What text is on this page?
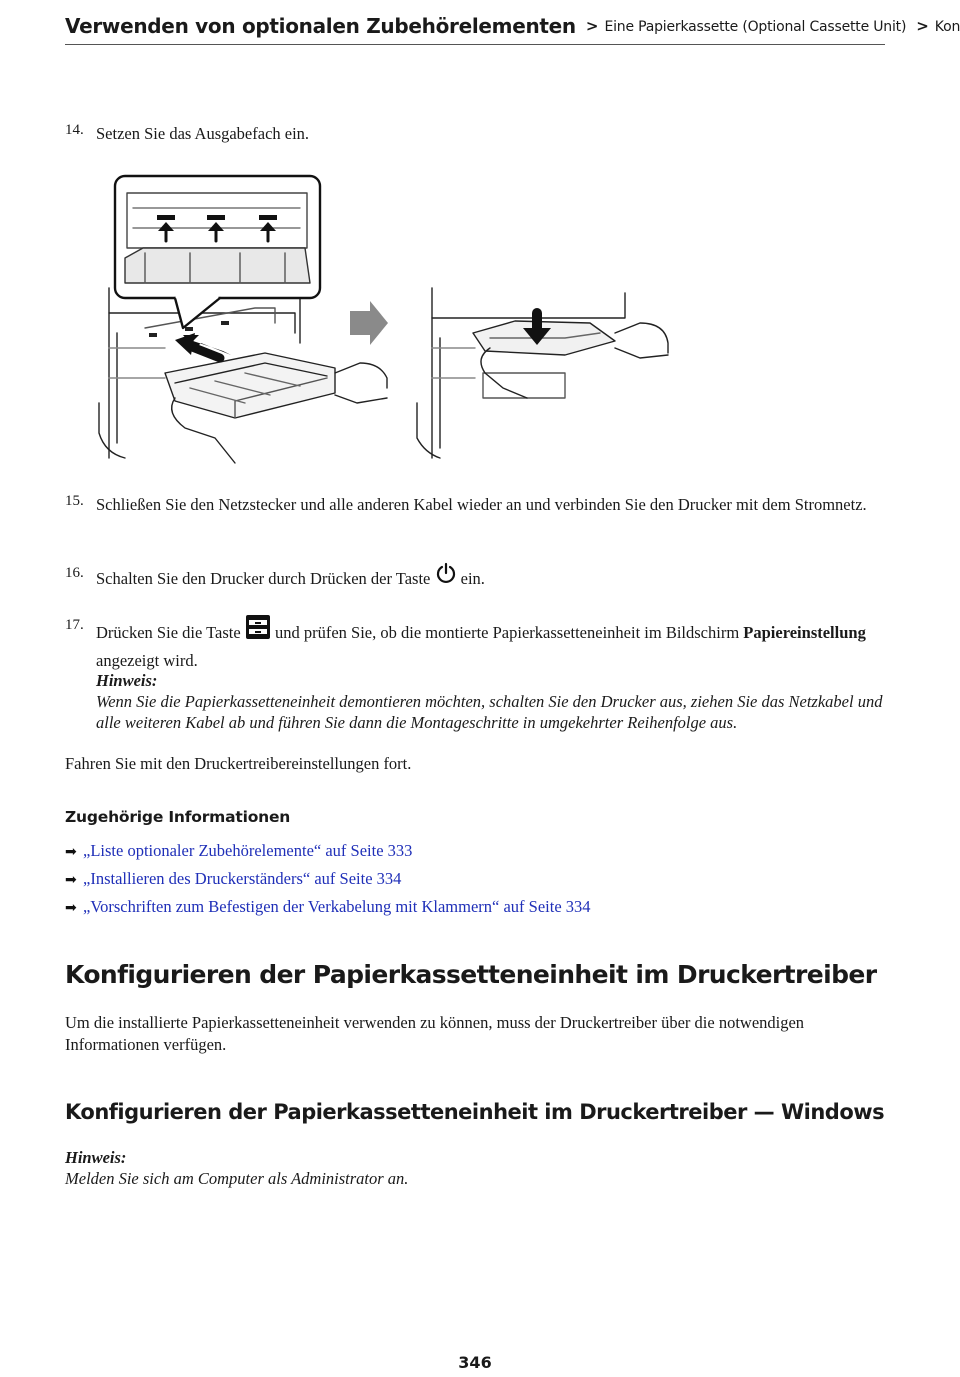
Verwenden von optionalen Zubehörelementen > Eine Papierkassette (Optional Cassette Unit) > Kon
14. Setzen Sie das Ausgabefach ein.
15. Schließen Sie den Netzstecker und alle anderen Kabel wieder an und verbinden Sie den Drucker mit dem Stromnetz.
16. Schalten Sie den Drucker durch Drücken der Taste ein.
17. Drücken Sie die Taste und prüfen Sie, ob die montierte Papierkassetteneinheit im Bildschirm Papiereinstellung angezeigt wird.
Hinweis:
Wenn Sie die Papierkassetteneinheit demontieren möchten, schalten Sie den Drucker aus, ziehen Sie das Netzkabel und alle weiteren Kabel ab und führen Sie dann die Montageschritte in umgekehrter Reihenfolge aus.
Fahren Sie mit den Druckertreibereinstellungen fort.
Zugehörige Informationen
➡ „Liste optionaler Zubehörelemente“ auf Seite 333
➡ „Installieren des Druckerständers“ auf Seite 334
➡ „Vorschriften zum Befestigen der Verkabelung mit Klammern“ auf Seite 334
Konfigurieren der Papierkassetteneinheit im Druckertreiber
Um die installierte Papierkassetteneinheit verwenden zu können, muss der Druckertreiber über die notwendigen Informationen verfügen.
Konfigurieren der Papierkassetteneinheit im Druckertreiber — Windows
Hinweis:
Melden Sie sich am Computer als Administrator an.
346
